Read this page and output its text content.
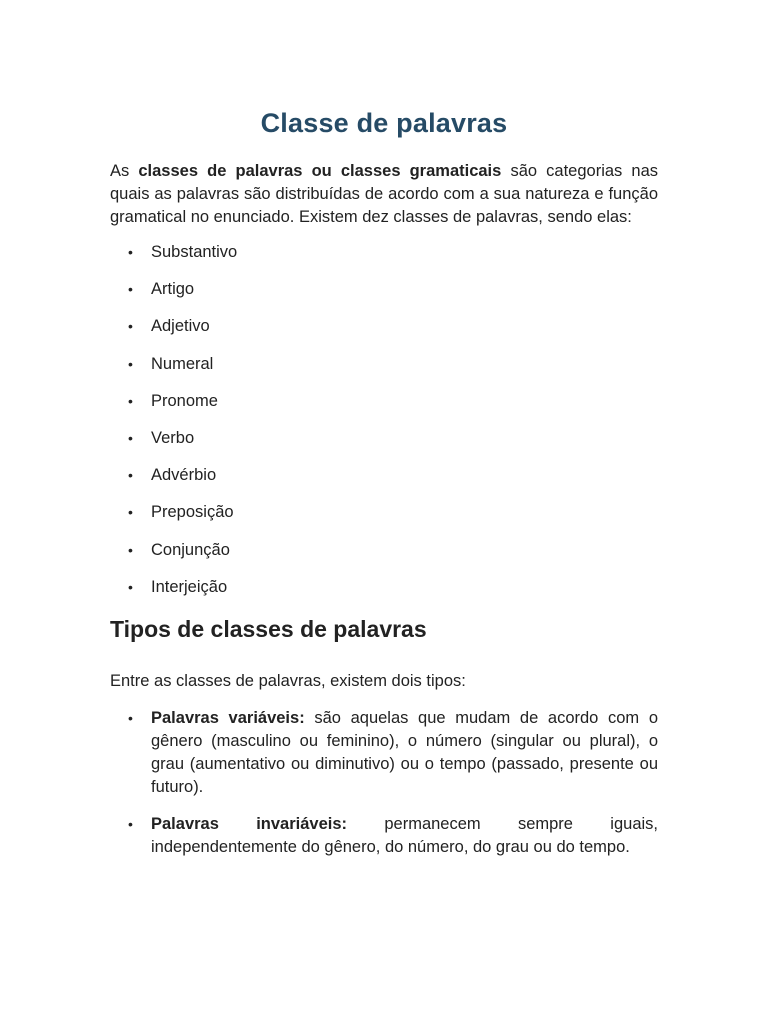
Classe de palavras

As classes de palavras ou classes gramaticais são categorias nas quais as palavras são distribuídas de acordo com a sua natureza e função gramatical no enunciado. Existem dez classes de palavras, sendo elas:

• Substantivo
• Artigo
• Adjetivo
• Numeral
• Pronome
• Verbo
• Advérbio
• Preposição
• Conjunção
• Interjeição
Tipos de classes de palavras

Entre as classes de palavras, existem dois tipos:

• Palavras variáveis: são aquelas que mudam de acordo com o gênero (masculino ou feminino), o número (singular ou plural), o grau (aumentativo ou diminutivo) ou o tempo (passado, presente ou futuro).
• Palavras invariáveis: permanecem sempre iguais, independentemente do gênero, do número, do grau ou do tempo.
